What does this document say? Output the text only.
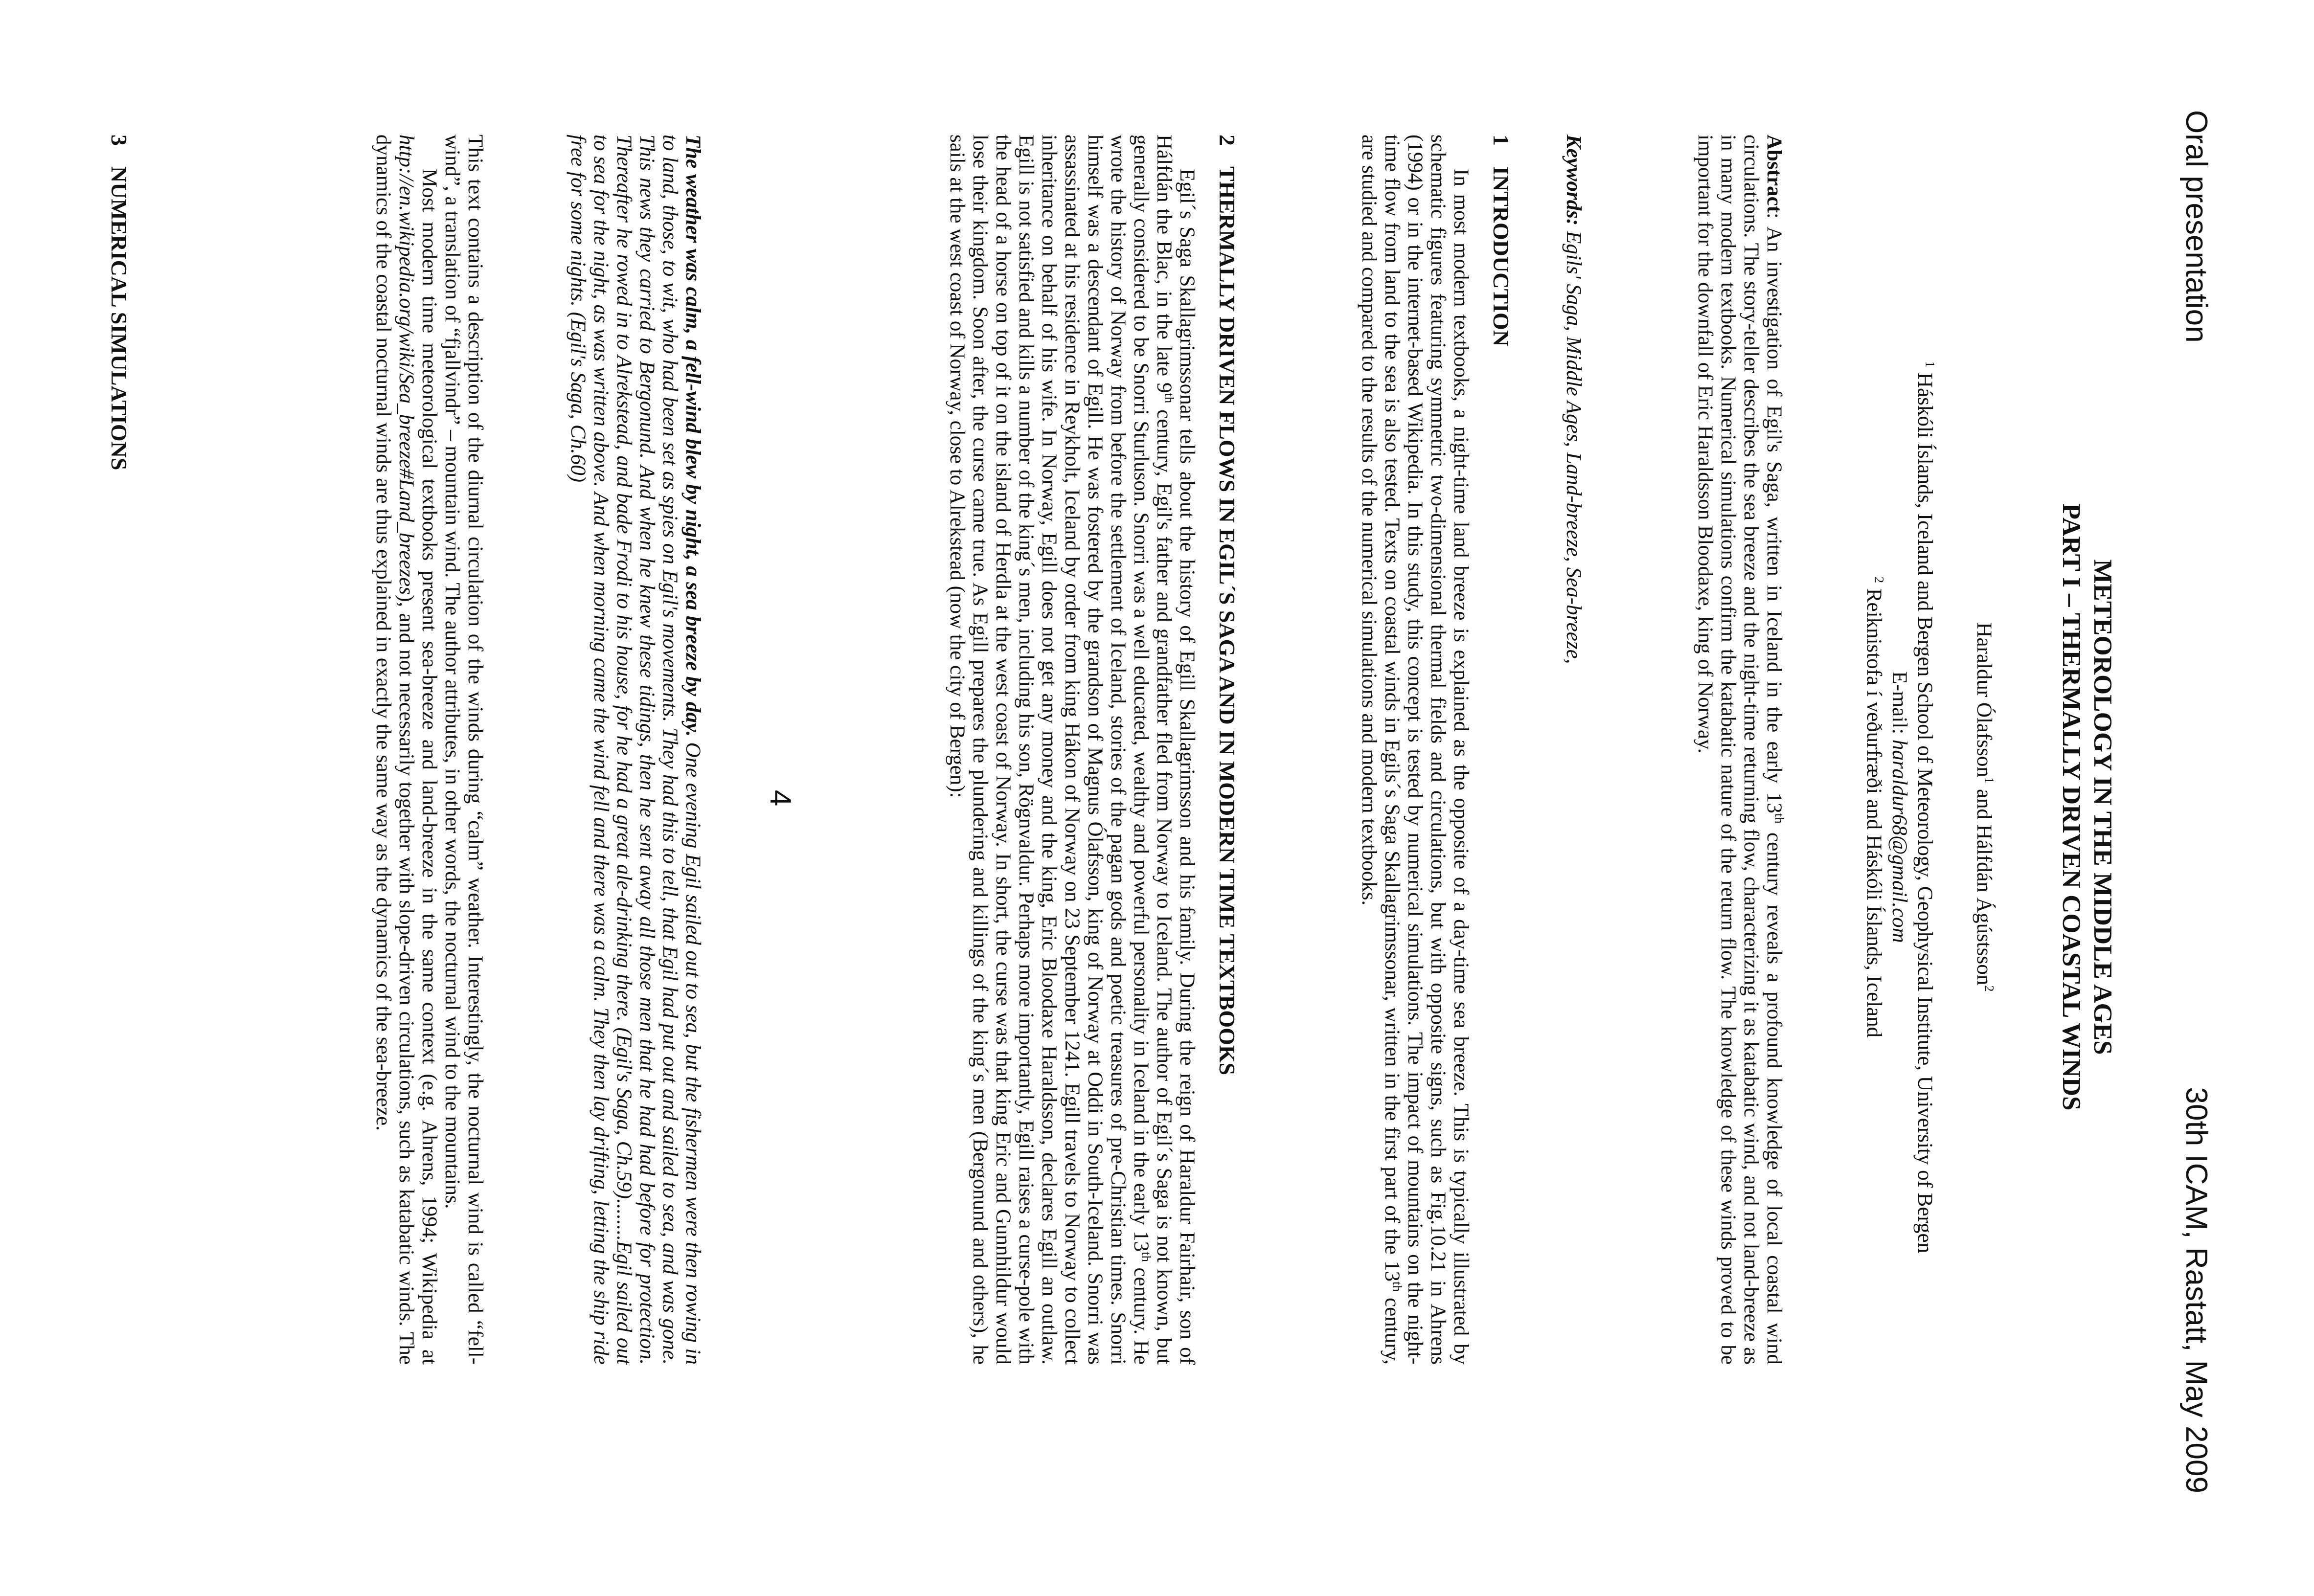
Oral presentation
30th ICAM, Rastatt, May 2009
METEOROLOGY IN THE MIDDLE AGES
PART I – THERMALLY DRIVEN COASTAL WINDS
Haraldur Ólafsson$^1$ and Hálfdán Ágústsson$^2$
$^1$ Háskóli Íslands, Iceland and Bergen School of Meteorology, Geophysical Institute, University of Bergen
E-mail: haraldur68@gmail.com
$^2$ Reiknistofa í veðurfræði and Háskóli Íslands, Iceland
Abstract: An investigation of Egil's Saga, written in Iceland in the early 13th century reveals a profound knowledge of local coastal wind circulations. The story-teller describes the sea breeze and the night-time returning flow, characterizing it as katabatic wind, and not land-breeze as in many modern textbooks. Numerical simulations confirm the katabatic nature of the return flow. The knowledge of these winds proved to be important for the downfall of Eric Haraldsson Bloodaxe, king of Norway.
Keywords: Egils' Saga, Middle Ages, Land-breeze, Sea-breeze,
1INTRODUCTION
In most modern textbooks, a night-time land breeze is explained as the opposite of a day-time sea breeze. This is typically illustrated by schematic figures featuring symmetric two-dimensional thermal fields and circulations, but with opposite signs, such as Fig.10.21 in Ahrens (1994) or in the internet-based Wikipedia. In this study, this concept is tested by numerical simulations. The impact of mountains on the night-time flow from land to the sea is also tested. Texts on coastal winds in Egils´s Saga Skallagrimssonar, written in the first part of the 13th century, are studied and compared to the results of the numerical simulations and modern textbooks.
2THERMALLY DRIVEN FLOWS IN EGIL´S SAGA AND IN MODERN TIME TEXTBOOKS
Egil´s Saga Skallagrimssonar tells about the history of Egill Skallagrimsson and his family. During the reign of Haraldur Fairhair, son of Hálfdán the Blac, in the late 9th century, Egil's father and grandfather fled from Norway to Iceland. The author of Egil´s Saga is not known, but generally considered to be Snorri Sturluson. Snorri was a well educated, wealthy and powerful personality in Iceland in the early 13th century. He wrote the history of Norway from before the settlement of Iceland, stories of the pagan gods and poetic treasures of pre-Christian times. Snorri himself was a descendant of Egill. He was fostered by the grandson of Magnus Ólafsson, king of Norway at Oddi in South-Iceland. Snorri was assassinated at his residence in Reykholt, Iceland by order from king Hákon of Norway on 23 September 1241. Egill travels to Norway to collect inheritance on behalf of his wife. In Norway, Egill does not get any money and the king, Eric Bloodaxe Haraldsson, declares Egill an outlaw. Egill is not satisfied and kills a number of the king´s men, including his son, Rögnvaldur. Perhaps more importantly, Egill raises a curse-pole with the head of a horse on top of it on the island of Herdla at the west coast of Norway. In short, the curse was that king Eric and Gunnhildur would lose their kingdom. Soon after, the curse came true. As Egill prepares the plundering and killings of the king´s men (Bergonund and others), he sails at the west coast of Norway, close to Alrekstead (now the city of Bergen):
The weather was calm, a fell-wind blew by night, a sea breeze by day. One evening Egil sailed out to sea, but the fishermen were then rowing in to land, those, to wit, who had been set as spies on Egil's movements. They had this to tell, that Egil had put out and sailed to sea, and was gone. This news they carried to Bergonund. And when he knew these tidings, then he sent away all those men that he had had before for protection. Thereafter he rowed in to Alrekstead, and bade Frodi to his house, for he had a great ale-drinking there. (Egil's Saga, Ch.59)........Egil sailed out to sea for the night, as was written above. And when morning came the wind fell and there was a calm. They then lay drifting, letting the ship ride free for some nights. (Egil's Saga, Ch.60)

This text contains a description of the diurnal circulation of the winds during “calm” weather. Interestingly, the nocturnal wind is called “fell-wind”, a translation of “fjallvindr” – mountain wind. The author attributes, in other words, the nocturnal wind to the mountains.

Most modern time meteorological textbooks present sea-breeze and land-breeze in the same context (e.g. Ahrens, 1994; Wikipedia at http://en.wikipedia.org/wiki/Sea_breeze#Land_breezes), and not necessarily together with slope-driven circulations, such as katabatic winds. The dynamics of the coastal nocturnal winds are thus explained in exactly the same way as the dynamics of the sea-breeze.

3NUMERICAL SIMULATIONS
4
